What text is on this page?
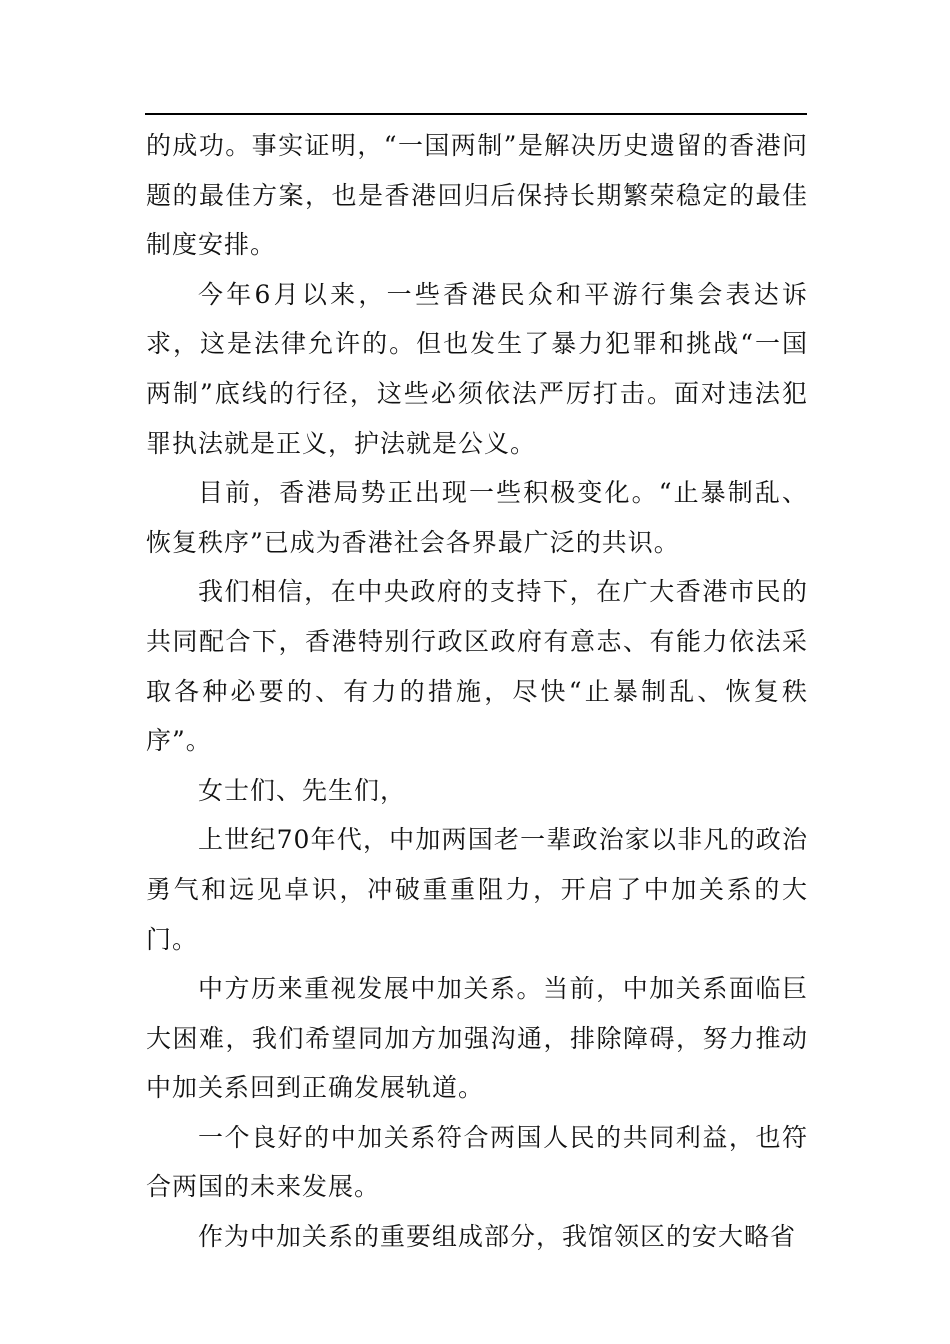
的成功。事实证明，“一国两制”是解决历史遗留的香港问题的最佳方案，也是香港回归后保持长期繁荣稳定的最佳制度安排。

今年6月以来，一些香港民众和平游行集会表达诉求，这是法律允许的。但也发生了暴力犯罪和挑战“一国两制”底线的行径，这些必须依法严厉打击。面对违法犯罪执法就是正义，护法就是公义。

目前，香港局势正出现一些积极变化。“止暴制乱、恢复秩序”已成为香港社会各界最广泛的共识。

我们相信，在中央政府的支持下，在广大香港市民的共同配合下，香港特别行政区政府有意志、有能力依法采取各种必要的、有力的措施，尽快“止暴制乱、恢复秩序”。

女士们、先生们，

上世纪70年代，中加两国老一辈政治家以非凡的政治勇气和远见卓识，冲破重重阻力，开启了中加关系的大门。

中方历来重视发展中加关系。当前，中加关系面临巨大困难，我们希望同加方加强沟通，排除障碍，努力推动中加关系回到正确发展轨道。

一个良好的中加关系符合两国人民的共同利益，也符合两国的未来发展。

作为中加关系的重要组成部分，我馆领区的安大略省
